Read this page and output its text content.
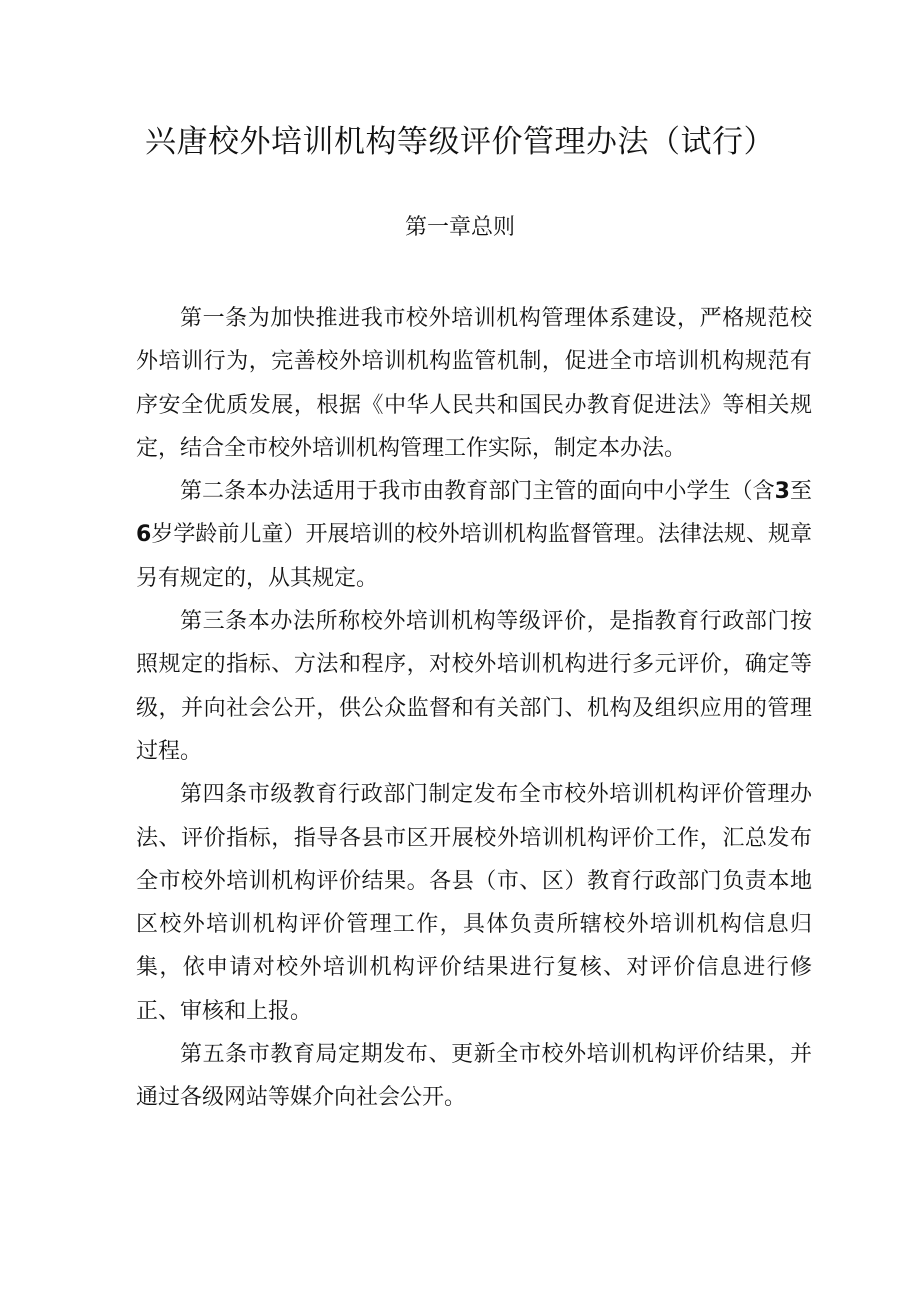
兴唐校外培训机构等级评价管理办法（试行）
第一章总则

第一条为加快推进我市校外培训机构管理体系建设，严格规范校外培训行为，完善校外培训机构监管机制，促进全市培训机构规范有序安全优质发展，根据《中华人民共和国民办教育促进法》等相关规定，结合全市校外培训机构管理工作实际，制定本办法。

第二条本办法适用于我市由教育部门主管的面向中小学生（含3至6岁学龄前儿童）开展培训的校外培训机构监督管理。法律法规、规章另有规定的，从其规定。

第三条本办法所称校外培训机构等级评价，是指教育行政部门按照规定的指标、方法和程序，对校外培训机构进行多元评价，确定等级，并向社会公开，供公众监督和有关部门、机构及组织应用的管理过程。

第四条市级教育行政部门制定发布全市校外培训机构评价管理办法、评价指标，指导各县市区开展校外培训机构评价工作，汇总发布全市校外培训机构评价结果。各县（市、区）教育行政部门负责本地区校外培训机构评价管理工作，具体负责所辖校外培训机构信息归集，依申请对校外培训机构评价结果进行复核、对评价信息进行修正、审核和上报。

第五条市教育局定期发布、更新全市校外培训机构评价结果，并通过各级网站等媒介向社会公开。
